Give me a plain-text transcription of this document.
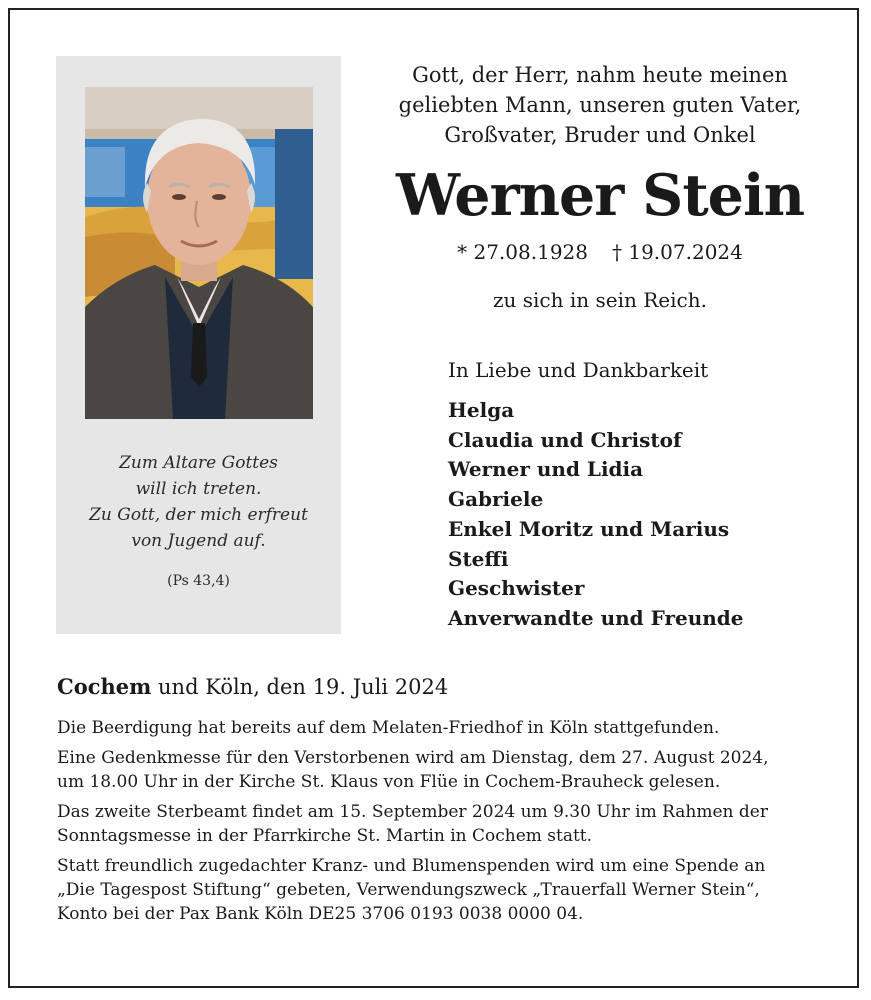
Zum Altare Gottes
will ich treten.
Zu Gott, der mich erfreut
von Jugend auf.
(Ps 43,4)
Gott, der Herr, nahm heute meinen
geliebten Mann, unseren guten Vater,
Großvater, Bruder und Onkel
Werner Stein
* 27.08.1928 † 19.07.2024
zu sich in sein Reich.
In Liebe und Dankbarkeit
Helga
Claudia und Christof
Werner und Lidia
Gabriele
Enkel Moritz und Marius
Steffi
Geschwister
Anverwandte und Freunde
Cochem und Köln, den 19. Juli 2024

Die Beerdigung hat bereits auf dem Melaten-Friedhof in Köln stattgefunden.

Eine Gedenkmesse für den Verstorbenen wird am Dienstag, dem 27. August 2024,
um 18.00 Uhr in der Kirche St. Klaus von Flüe in Cochem-Brauheck gelesen.

Das zweite Sterbeamt findet am 15. September 2024 um 9.30 Uhr im Rahmen der
Sonntagsmesse in der Pfarrkirche St. Martin in Cochem statt.

Statt freundlich zugedachter Kranz- und Blumenspenden wird um eine Spende an
„Die Tagespost Stiftung“ gebeten, Verwendungszweck „Trauerfall Werner Stein“,
Konto bei der Pax Bank Köln DE25 3706 0193 0038 0000 04.
